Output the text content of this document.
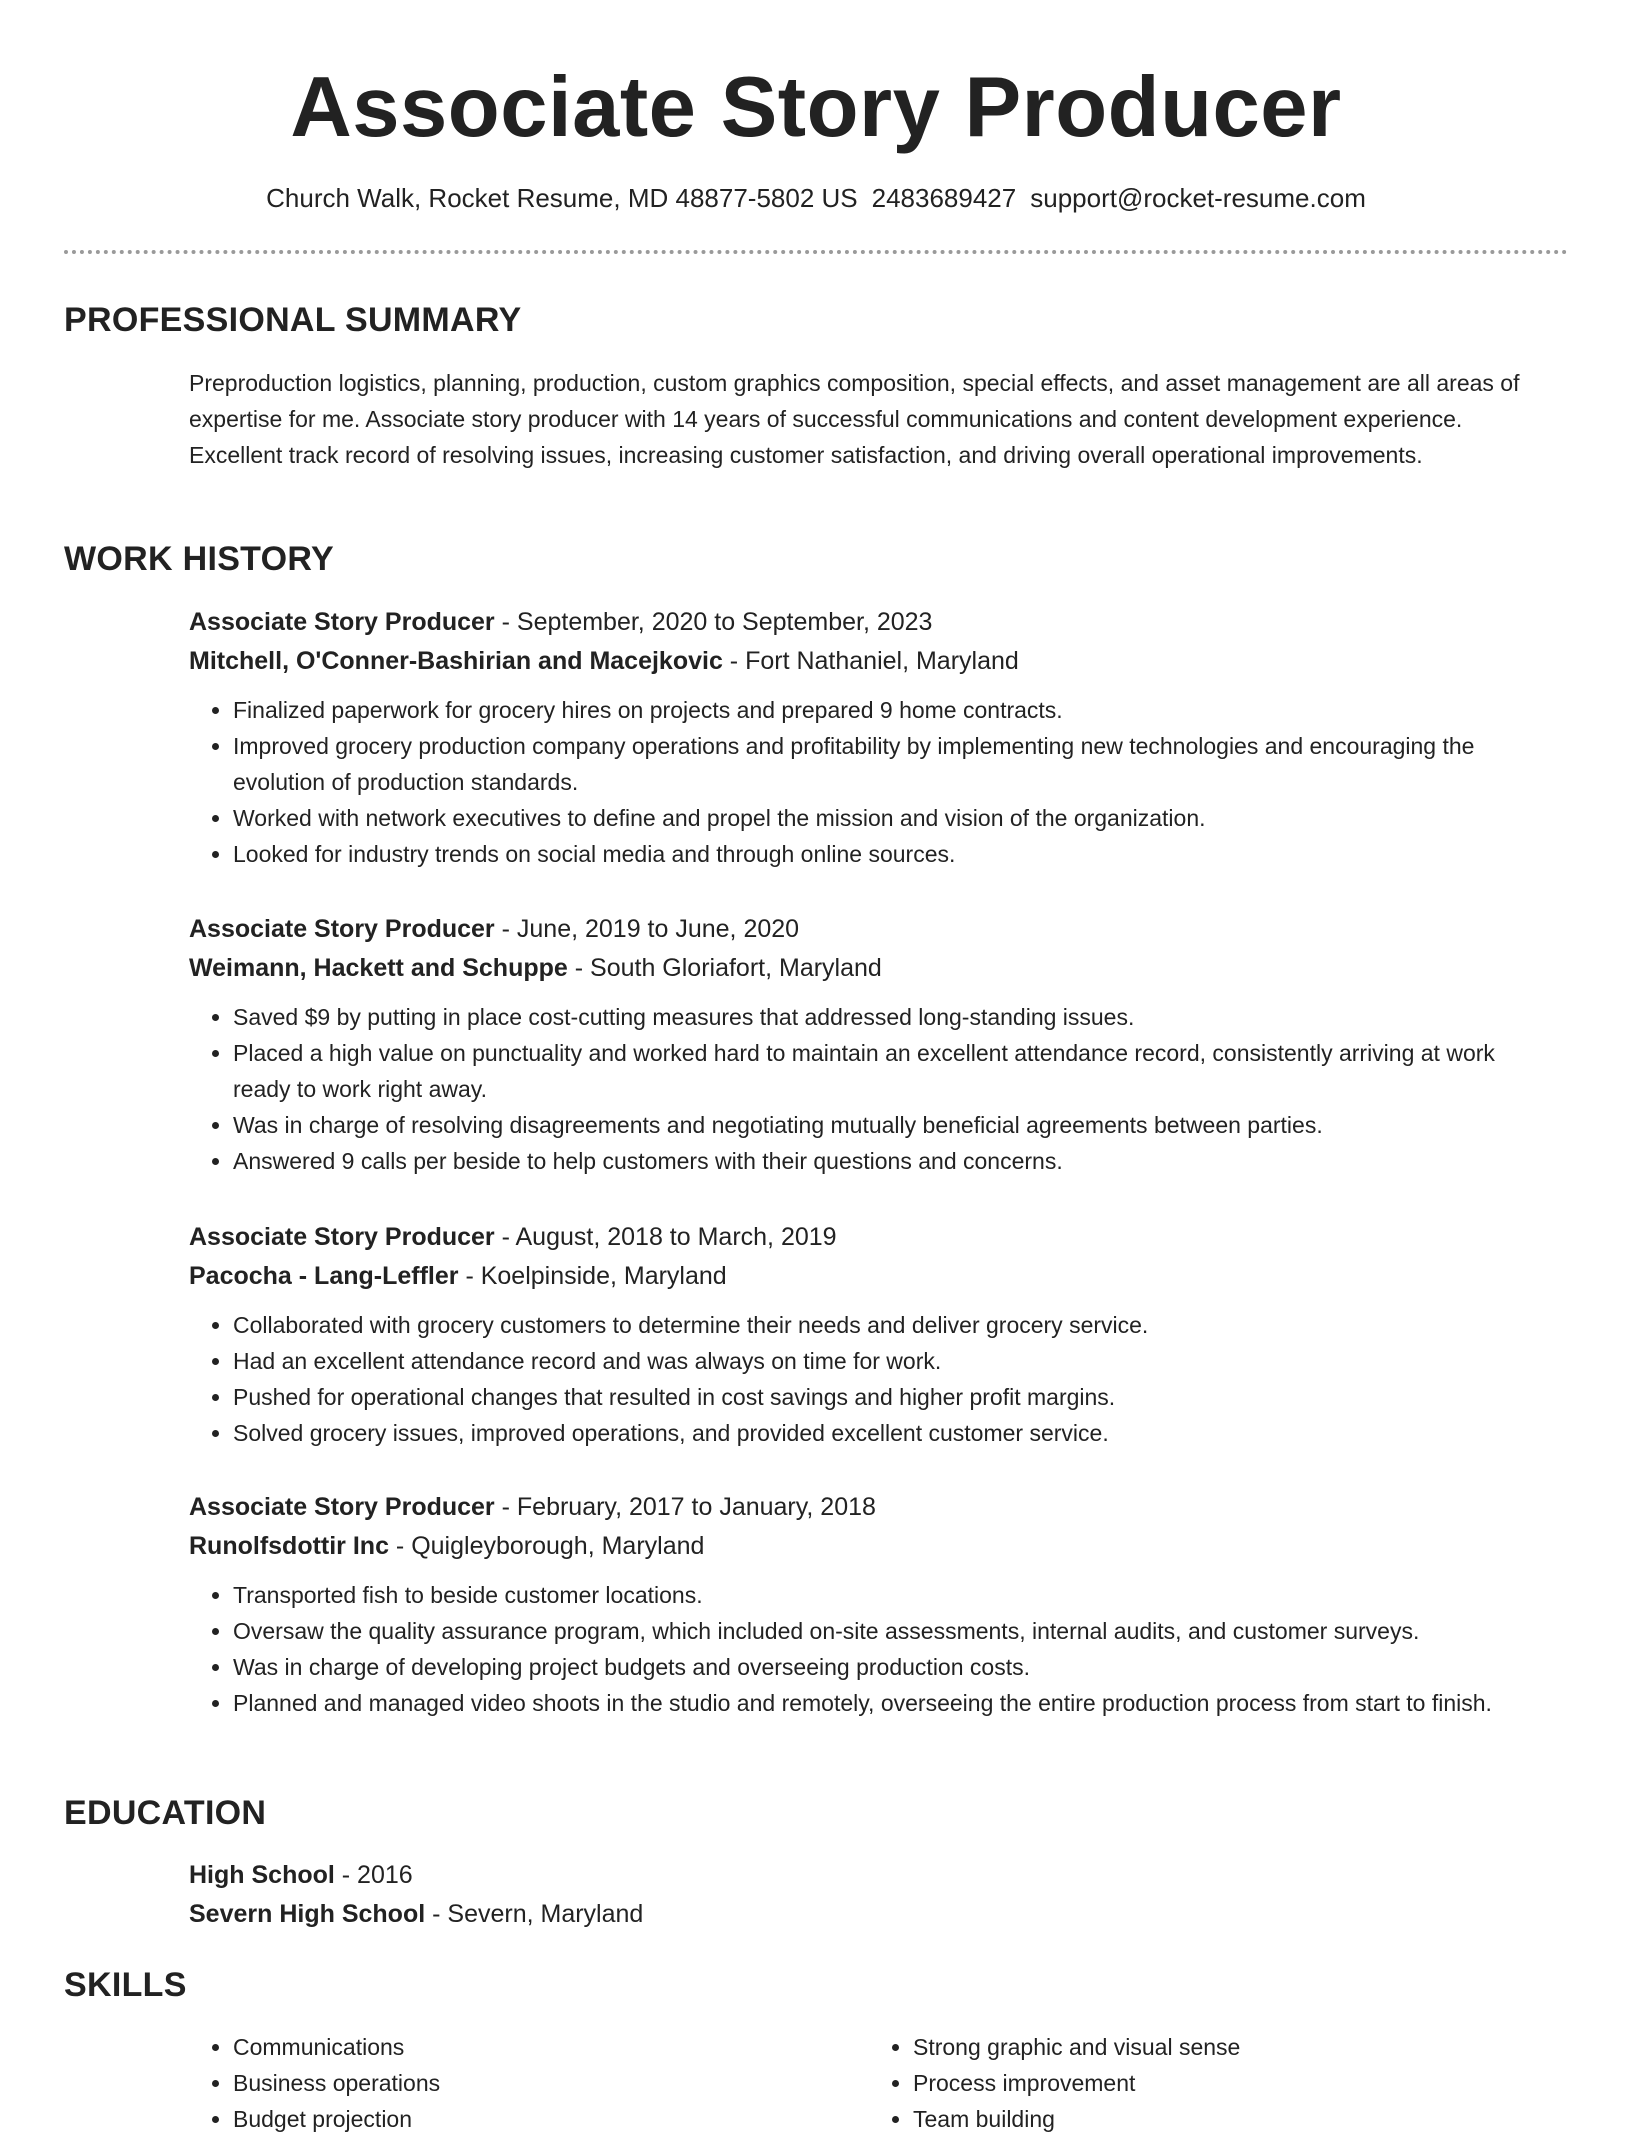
Associate Story Producer
Church Walk, Rocket Resume, MD 48877-5802 US 2483689427 support@rocket-resume.com
PROFESSIONAL SUMMARY

Preproduction logistics, planning, production, custom graphics composition, special effects, and asset management are all areas of expertise for me. Associate story producer with 14 years of successful communications and content development experience. Excellent track record of resolving issues, increasing customer satisfaction, and driving overall operational improvements.

WORK HISTORY
Associate Story Producer - September, 2020 to September, 2023
Mitchell, O'Conner-Bashirian and Macejkovic - Fort Nathaniel, Maryland
• Finalized paperwork for grocery hires on projects and prepared 9 home contracts.
• Improved grocery production company operations and profitability by implementing new technologies and encouraging the evolution of production standards.
• Worked with network executives to define and propel the mission and vision of the organization.
• Looked for industry trends on social media and through online sources.
Associate Story Producer - June, 2019 to June, 2020
Weimann, Hackett and Schuppe - South Gloriafort, Maryland
• Saved $9 by putting in place cost-cutting measures that addressed long-standing issues.
• Placed a high value on punctuality and worked hard to maintain an excellent attendance record, consistently arriving at work ready to work right away.
• Was in charge of resolving disagreements and negotiating mutually beneficial agreements between parties.
• Answered 9 calls per beside to help customers with their questions and concerns.
Associate Story Producer - August, 2018 to March, 2019
Pacocha - Lang-Leffler - Koelpinside, Maryland
• Collaborated with grocery customers to determine their needs and deliver grocery service.
• Had an excellent attendance record and was always on time for work.
• Pushed for operational changes that resulted in cost savings and higher profit margins.
• Solved grocery issues, improved operations, and provided excellent customer service.
Associate Story Producer - February, 2017 to January, 2018
Runolfsdottir Inc - Quigleyborough, Maryland
• Transported fish to beside customer locations.
• Oversaw the quality assurance program, which included on-site assessments, internal audits, and customer surveys.
• Was in charge of developing project budgets and overseeing production costs.
• Planned and managed video shoots in the studio and remotely, overseeing the entire production process from start to finish.
EDUCATION
High School - 2016
Severn High School - Severn, Maryland
SKILLS
• Communications
• Business operations
• Budget projection
• Strong graphic and visual sense
• Process improvement
• Team building
